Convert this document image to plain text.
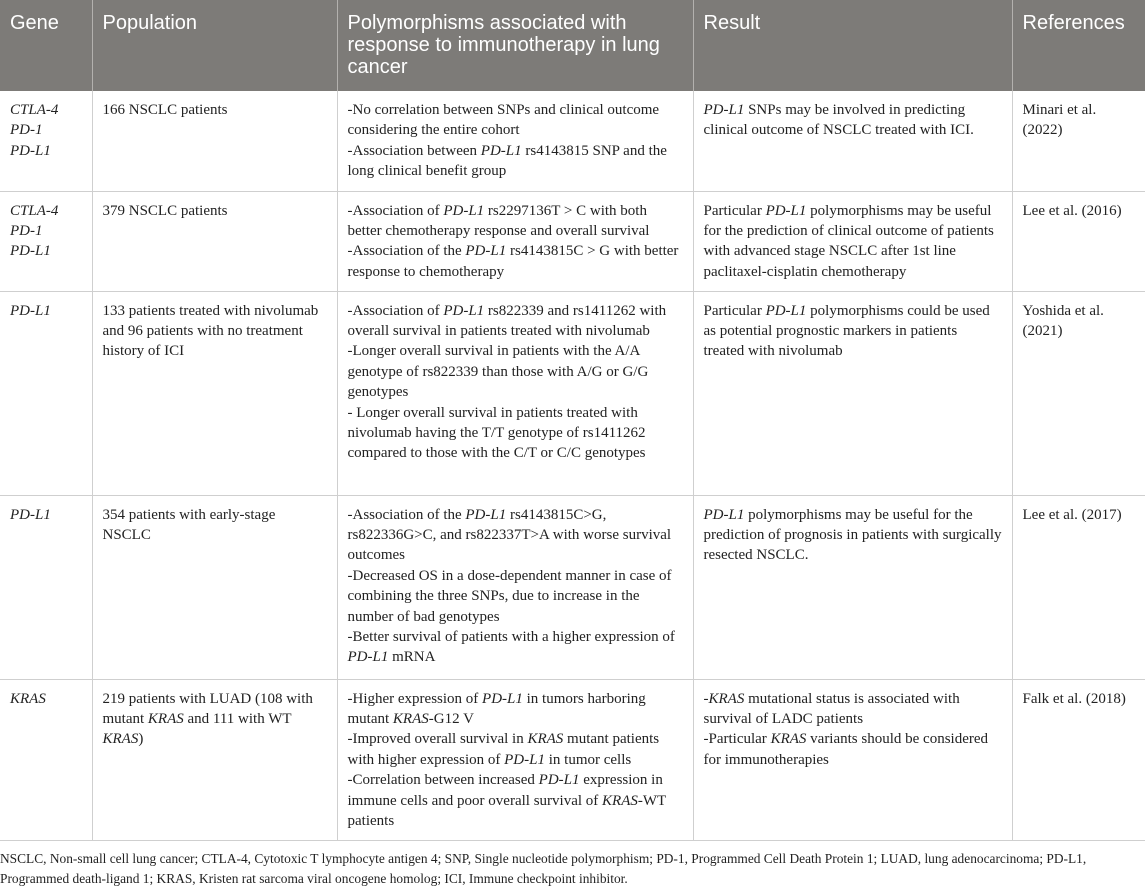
Gene	Population	Polymorphisms associated with response to immunotherapy in lung cancer	Result	References

CTLA-4
PD-1
PD-L1	166 NSCLC patients	-No correlation between SNPs and clinical outcome considering the entire cohort
-Association between PD-L1 rs4143815 SNP and the long clinical benefit group	PD-L1 SNPs may be involved in predicting clinical outcome of NSCLC treated with ICI.	Minari et al. (2022)

CTLA-4
PD-1
PD-L1	379 NSCLC patients	-Association of PD-L1 rs2297136T > C with both better chemotherapy response and overall survival
-Association of the PD-L1 rs4143815C > G with better response to chemotherapy	Particular PD-L1 polymorphisms may be useful for the prediction of clinical outcome of patients with advanced stage NSCLC after 1st line paclitaxel-cisplatin chemotherapy	Lee et al. (2016)

PD-L1	133 patients treated with nivolumab and 96 patients with no treatment history of ICI	-Association of PD-L1 rs822339 and rs1411262 with overall survival in patients treated with nivolumab
-Longer overall survival in patients with the A/A genotype of rs822339 than those with A/G or G/G genotypes
- Longer overall survival in patients treated with nivolumab having the T/T genotype of rs1411262 compared to those with the C/T or C/C genotypes	Particular PD-L1 polymorphisms could be used as potential prognostic markers in patients treated with nivolumab	Yoshida et al. (2021)

PD-L1	354 patients with early-stage NSCLC	-Association of the PD-L1 rs4143815C>G, rs822336G>C, and rs822337T>A with worse survival outcomes
-Decreased OS in a dose-dependent manner in case of combining the three SNPs, due to increase in the number of bad genotypes
-Better survival of patients with a higher expression of PD-L1 mRNA	PD-L1 polymorphisms may be useful for the prediction of prognosis in patients with surgically resected NSCLC.	Lee et al. (2017)

KRAS	219 patients with LUAD (108 with mutant KRAS and 111 with WT KRAS)	-Higher expression of PD-L1 in tumors harboring mutant KRAS-G12 V
-Improved overall survival in KRAS mutant patients with higher expression of PD-L1 in tumor cells
-Correlation between increased PD-L1 expression in immune cells and poor overall survival of KRAS-WT patients	-KRAS mutational status is associated with survival of LADC patients
-Particular KRAS variants should be considered for immunotherapies	Falk et al. (2018)
NSCLC, Non-small cell lung cancer; CTLA-4, Cytotoxic T lymphocyte antigen 4; SNP, Single nucleotide polymorphism; PD-1, Programmed Cell Death Protein 1; LUAD, lung adenocarcinoma; PD-L1, Programmed death-ligand 1; KRAS, Kristen rat sarcoma viral oncogene homolog; ICI, Immune checkpoint inhibitor.
